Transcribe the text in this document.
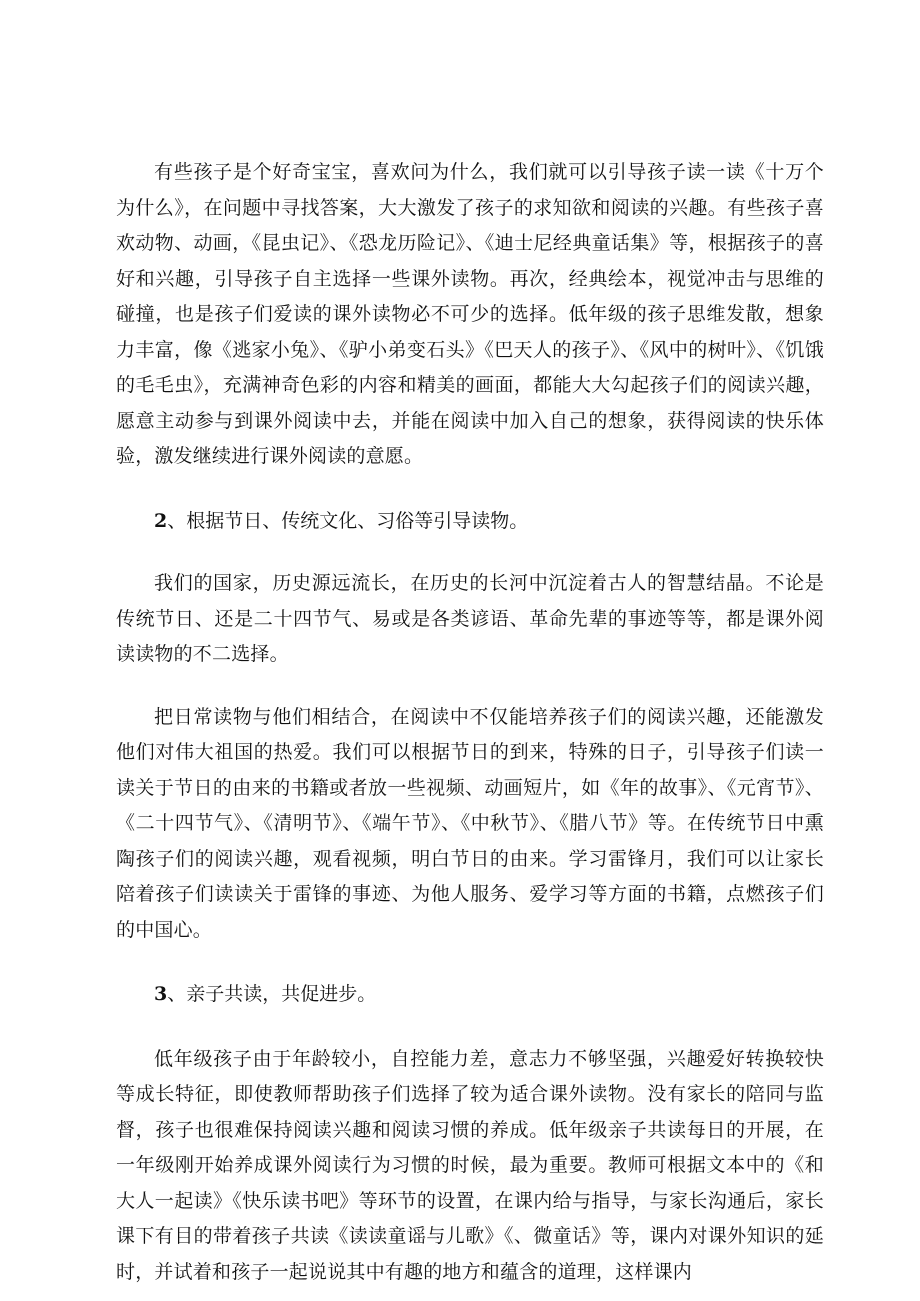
有些孩子是个好奇宝宝，喜欢问为什么，我们就可以引导孩子读一读《十万个为什么》，在问题中寻找答案，大大激发了孩子的求知欲和阅读的兴趣。有些孩子喜欢动物、动画，《昆虫记》、《恐龙历险记》、《迪士尼经典童话集》等，根据孩子的喜好和兴趣，引导孩子自主选择一些课外读物。再次，经典绘本，视觉冲击与思维的碰撞，也是孩子们爱读的课外读物必不可少的选择。低年级的孩子思维发散，想象力丰富，像《逃家小兔》、《驴小弟变石头》《巴天人的孩子》、《风中的树叶》、《饥饿的毛毛虫》，充满神奇色彩的内容和精美的画面，都能大大勾起孩子们的阅读兴趣，愿意主动参与到课外阅读中去，并能在阅读中加入自己的想象，获得阅读的快乐体验，激发继续进行课外阅读的意愿。

2、根据节日、传统文化、习俗等引导读物。

我们的国家，历史源远流长，在历史的长河中沉淀着古人的智慧结晶。不论是传统节日、还是二十四节气、易或是各类谚语、革命先辈的事迹等等，都是课外阅读读物的不二选择。

把日常读物与他们相结合，在阅读中不仅能培养孩子们的阅读兴趣，还能激发他们对伟大祖国的热爱。我们可以根据节日的到来，特殊的日子，引导孩子们读一读关于节日的由来的书籍或者放一些视频、动画短片，如《年的故事》、《元宵节》、《二十四节气》、《清明节》、《端午节》、《中秋节》、《腊八节》等。在传统节日中熏陶孩子们的阅读兴趣，观看视频，明白节日的由来。学习雷锋月，我们可以让家长陪着孩子们读读关于雷锋的事迹、为他人服务、爱学习等方面的书籍，点燃孩子们的中国心。

3、亲子共读，共促进步。

低年级孩子由于年龄较小，自控能力差，意志力不够坚强，兴趣爱好转换较快等成长特征，即使教师帮助孩子们选择了较为适合课外读物。没有家长的陪同与监督，孩子也很难保持阅读兴趣和阅读习惯的养成。低年级亲子共读每日的开展，在一年级刚开始养成课外阅读行为习惯的时候，最为重要。教师可根据文本中的《和大人一起读》《快乐读书吧》等环节的设置，在课内给与指导，与家长沟通后，家长课下有目的带着孩子共读《读读童谣与儿歌》《、微童话》等，课内对课外知识的延时，并试着和孩子一起说说其中有趣的地方和蕴含的道理，这样课内
